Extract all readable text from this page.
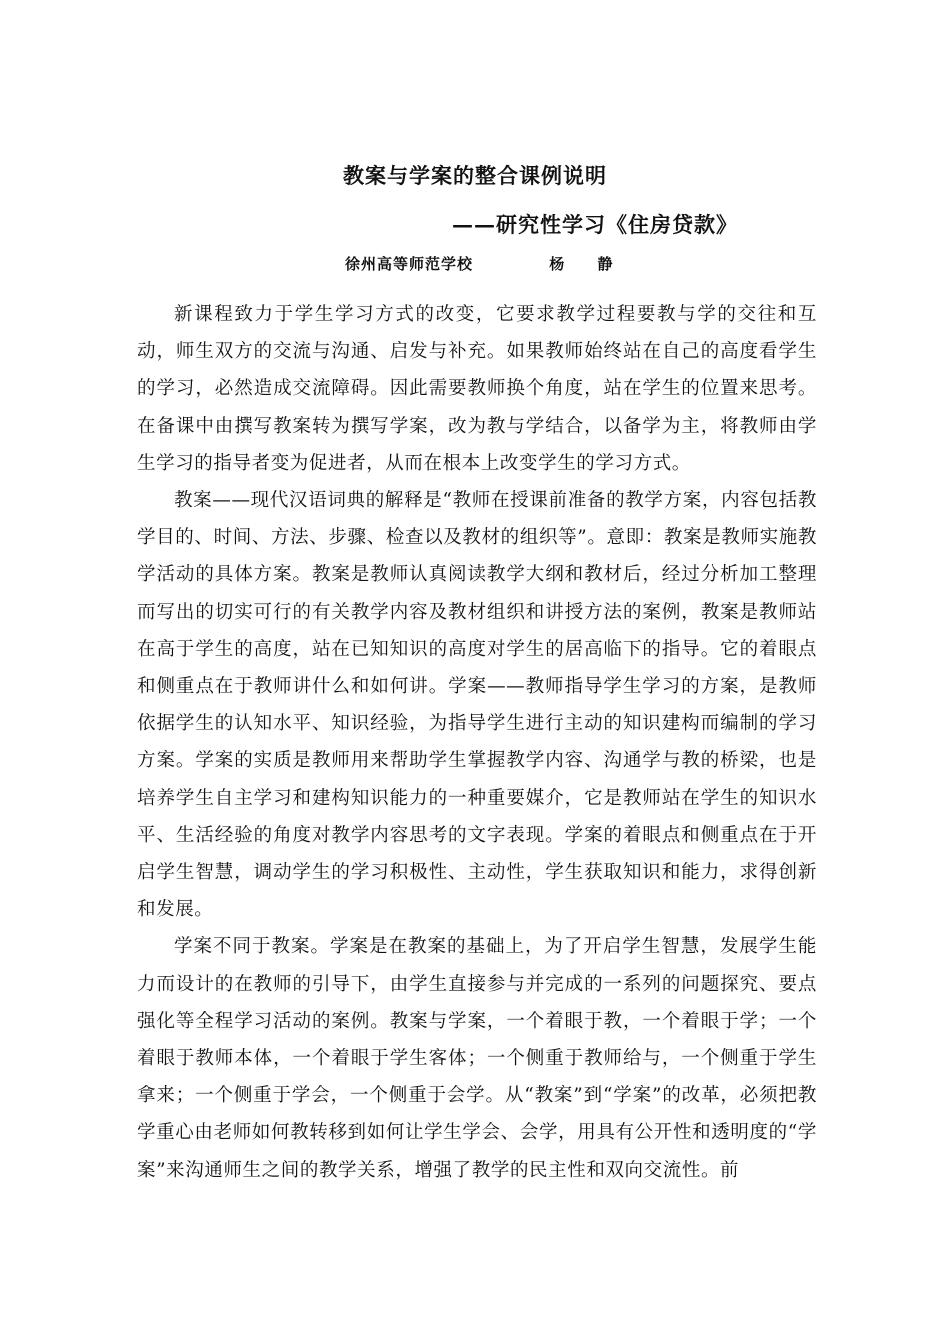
教案与学案的整合课例说明
——研究性学习《住房贷款》
徐州高等师范学校	杨 静

新课程致力于学生学习方式的改变，它要求教学过程要教与学的交往和互动，师生双方的交流与沟通、启发与补充。如果教师始终站在自己的高度看学生的学习，必然造成交流障碍。因此需要教师换个角度，站在学生的位置来思考。在备课中由撰写教案转为撰写学案，改为教与学结合，以备学为主，将教师由学生学习的指导者变为促进者，从而在根本上改变学生的学习方式。

教案——现代汉语词典的解释是“教师在授课前准备的教学方案，内容包括教学目的、时间、方法、步骤、检查以及教材的组织等”。意即：教案是教师实施教学活动的具体方案。教案是教师认真阅读教学大纲和教材后，经过分析加工整理而写出的切实可行的有关教学内容及教材组织和讲授方法的案例，教案是教师站在高于学生的高度，站在已知知识的高度对学生的居高临下的指导。它的着眼点和侧重点在于教师讲什么和如何讲。学案——教师指导学生学习的方案，是教师依据学生的认知水平、知识经验，为指导学生进行主动的知识建构而编制的学习方案。学案的实质是教师用来帮助学生掌握教学内容、沟通学与教的桥梁，也是培养学生自主学习和建构知识能力的一种重要媒介，它是教师站在学生的知识水平、生活经验的角度对教学内容思考的文字表现。学案的着眼点和侧重点在于开启学生智慧，调动学生的学习积极性、主动性，学生获取知识和能力，求得创新和发展。

学案不同于教案。学案是在教案的基础上，为了开启学生智慧，发展学生能力而设计的在教师的引导下，由学生直接参与并完成的一系列的问题探究、要点强化等全程学习活动的案例。教案与学案，一个着眼于教，一个着眼于学；一个着眼于教师本体，一个着眼于学生客体；一个侧重于教师给与，一个侧重于学生拿来；一个侧重于学会，一个侧重于会学。从“教案”到“学案”的改革，必须把教学重心由老师如何教转移到如何让学生学会、会学，用具有公开性和透明度的“学案”来沟通师生之间的教学关系，增强了教学的民主性和双向交流性。前
